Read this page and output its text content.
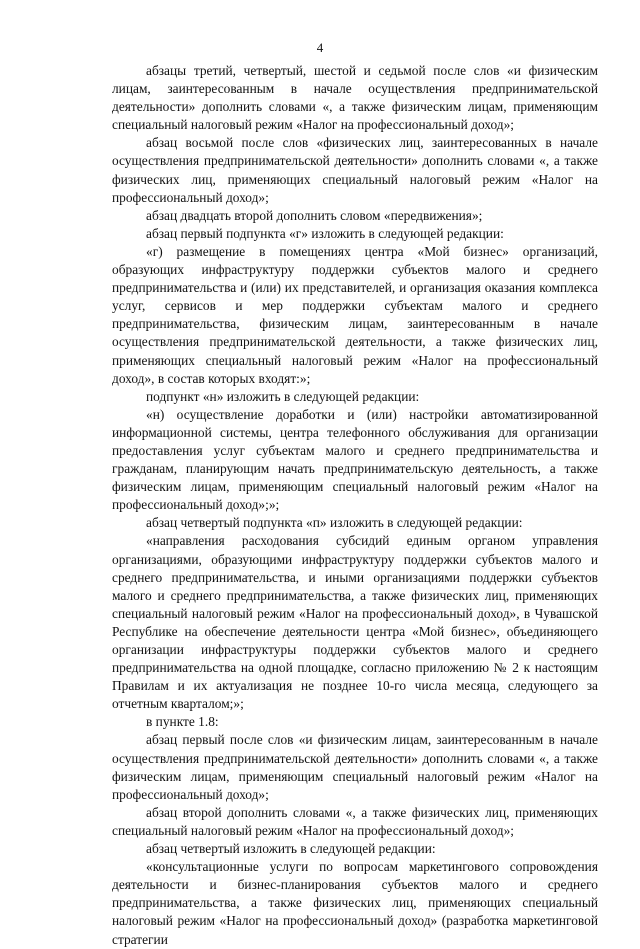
4

абзацы третий, четвертый, шестой и седьмой после слов «и физическим лицам, заинтересованным в начале осуществления предпринимательской деятельности» дополнить словами «, а также физическим лицам, применяющим специальный налоговый режим «Налог на профессиональный доход»;

абзац восьмой после слов «физических лиц, заинтересованных в начале осуществления предпринимательской деятельности» дополнить словами «, а также физических лиц, применяющих специальный налоговый режим «Налог на профессиональный доход»;

абзац двадцать второй дополнить словом «передвижения»;

абзац первый подпункта «г» изложить в следующей редакции:

«г) размещение в помещениях центра «Мой бизнес» организаций, образующих инфраструктуру поддержки субъектов малого и среднего предпринимательства и (или) их представителей, и организация оказания комплекса услуг, сервисов и мер поддержки субъектам малого и среднего предпринимательства, физическим лицам, заинтересованным в начале осуществления предпринимательской деятельности, а также физических лиц, применяющих специальный налоговый режим «Налог на профессиональный доход», в состав которых входят:»;

подпункт «н» изложить в следующей редакции:

«н) осуществление доработки и (или) настройки автоматизированной информационной системы, центра телефонного обслуживания для организации предоставления услуг субъектам малого и среднего предпринимательства и гражданам, планирующим начать предпринимательскую деятельность, а также физическим лицам, применяющим специальный налоговый режим «Налог на профессиональный доход»;»;

абзац четвертый подпункта «п» изложить в следующей редакции:

«направления расходования субсидий единым органом управления организациями, образующими инфраструктуру поддержки субъектов малого и среднего предпринимательства, и иными организациями поддержки субъектов малого и среднего предпринимательства, а также физических лиц, применяющих специальный налоговый режим «Налог на профессиональный доход», в Чувашской Республике на обеспечение деятельности центра «Мой бизнес», объединяющего организации инфраструктуры поддержки субъектов малого и среднего предпринимательства на одной площадке, согласно приложению № 2 к настоящим Правилам и их актуализация не позднее 10-го числа месяца, следующего за отчетным кварталом;»;

в пункте 1.8:

абзац первый после слов «и физическим лицам, заинтересованным в начале осуществления предпринимательской деятельности» дополнить словами «, а также физическим лицам, применяющим специальный налоговый режим «Налог на профессиональный доход»;

абзац второй дополнить словами «, а также физических лиц, применяющих специальный налоговый режим «Налог на профессиональный доход»;

абзац четвертый изложить в следующей редакции:

«консультационные услуги по вопросам маркетингового сопровождения деятельности и бизнес-планирования субъектов малого и среднего предпринимательства, а также физических лиц, применяющих специальный налоговый режим «Налог на профессиональный доход» (разработка маркетинговой стратегии
